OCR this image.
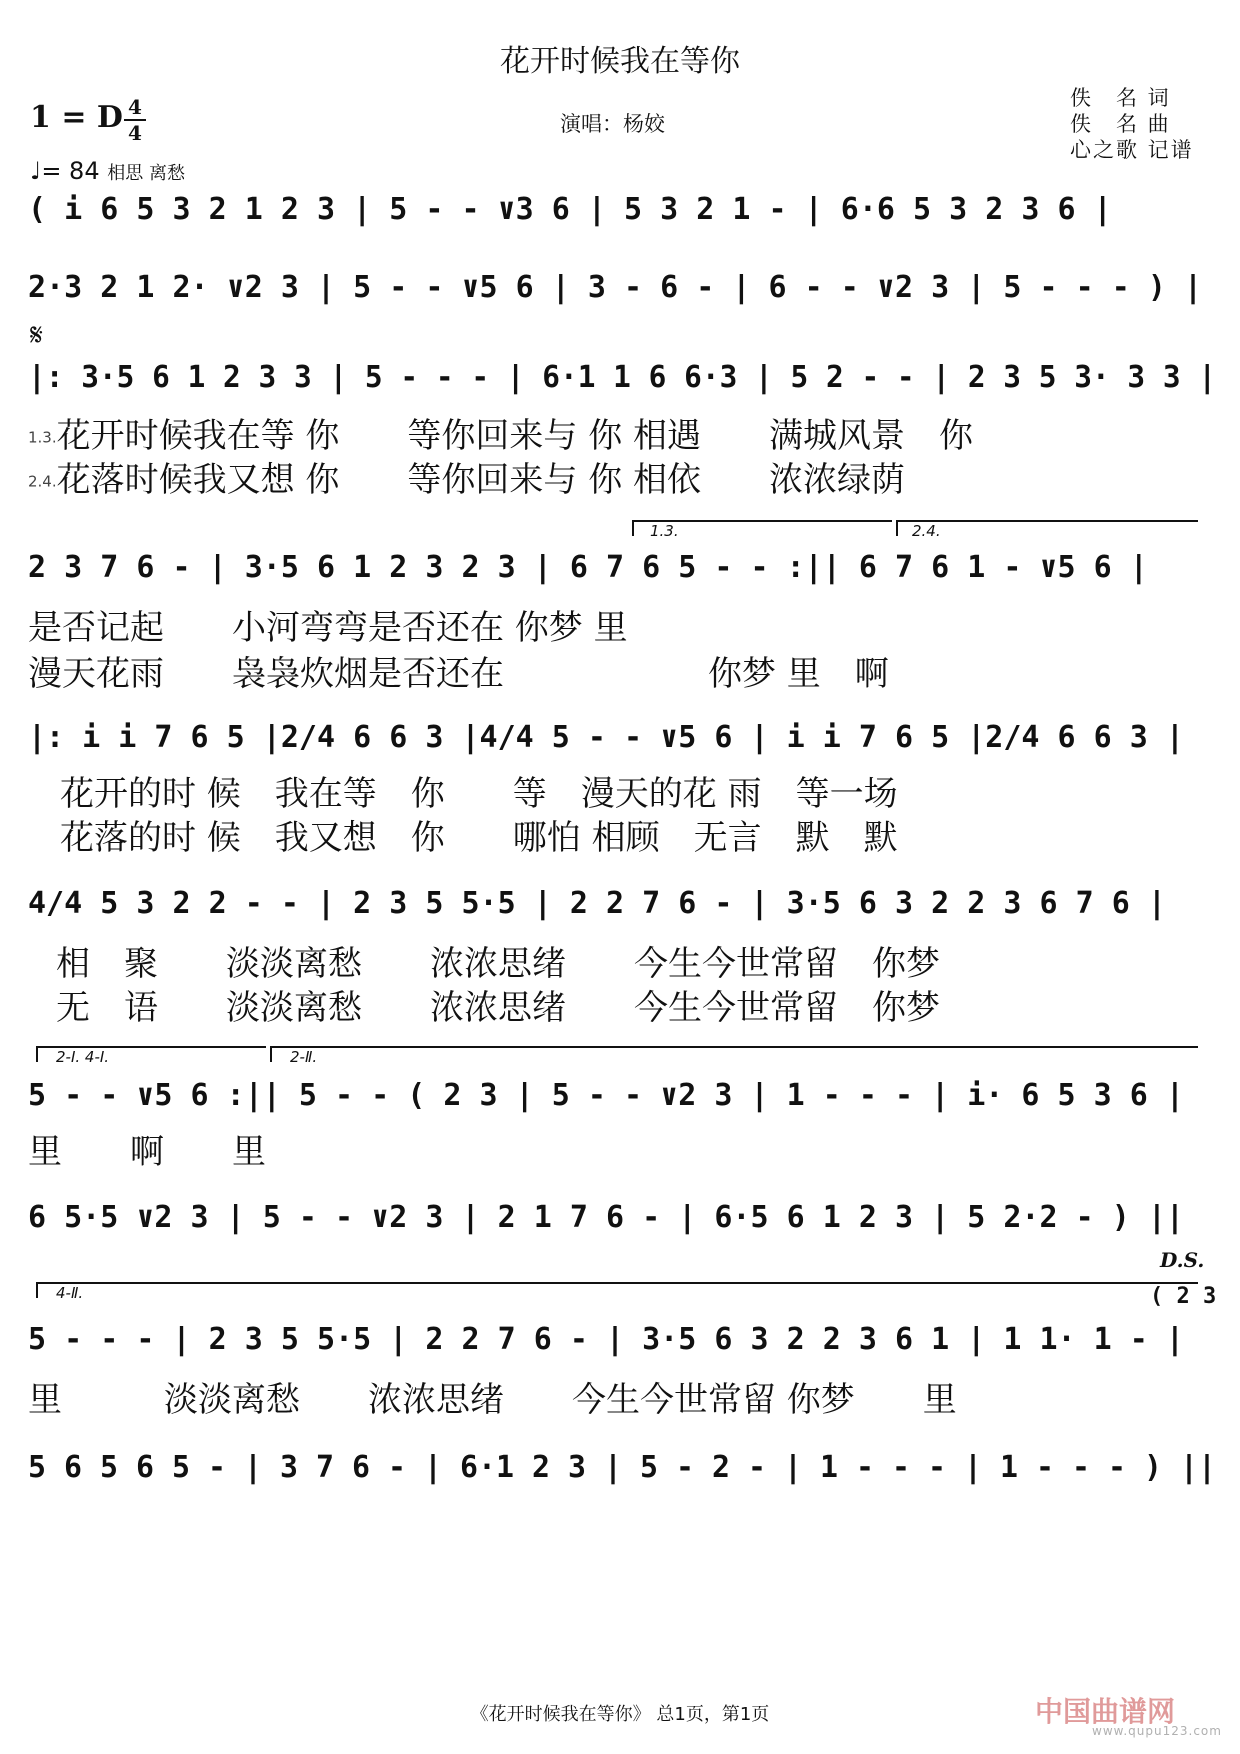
花开时候我在等你
1 = D 4
4
♩= 84 相思 离愁
演唱：杨姣
佚　名 词
佚　名 曲
心之歌 记谱
( i 6 5 3 2 1 2 3 | 5 - - ∨3 6 | 5 3 2 1 - | 6·6 5 3 2 3 6 |
2·3 2 1 2· ∨2 3 | 5 - - ∨5 6 | 3 - 6 - | 6 - - ∨2 3 | 5 - - - ) |
𝄋
|: 3·5 6 1 2 3 3 | 5 - - - | 6·1 1 6 6·3 | 5 2 - - | 2 3 5 3· 3 3 |
1.3.花开时候我在等 你　　等你回来与 你 相遇　　满城风景　你
2.4.花落时候我又想 你　　等你回来与 你 相依　　浓浓绿荫
1.3.	2.4.
2 3 7 6 - | 3·5 6 1 2 3 2 3 | 6 7 6 5 - - :|| 6 7 6 1 - ∨5 6 |
是否记起　　小河弯弯是否还在 你梦 里
漫天花雨　　袅袅炊烟是否还在　　　　　　你梦 里　啊
|: i i 7 6 5 |2/4 6 6 3 |4/4 5 - - ∨5 6 | i i 7 6 5 |2/4 6 6 3 |
花开的时 候　我在等　你　　等　漫天的花 雨　等一场
花落的时 候　我又想　你　　哪怕 相顾　无言　默　默
4/4 5 3 2 2 - - | 2 3 5 5·5 | 2 2 7 6 - | 3·5 6 3 2 2 3 6 7 6 |
相　聚　　淡淡离愁　　浓浓思绪　　今生今世常留　你梦
无　语　　淡淡离愁　　浓浓思绪　　今生今世常留　你梦
2-Ⅰ. 4-Ⅰ.	2-Ⅱ.
5 - - ∨5 6 :|| 5 - - ( 2 3 | 5 - - ∨2 3 | 1 - - - | i· 6 5 3 6 |
里　　啊　　里
6 5·5 ∨2 3 | 5 - - ∨2 3 | 2 1 7 6 - | 6·5 6 1 2 3 | 5 2·2 - ) ||
D.S.
4-Ⅱ.	( 2 3
5 - - - | 2 3 5 5·5 | 2 2 7 6 - | 3·5 6 3 2 2 3 6 1 | 1 1· 1 - |
里　　　淡淡离愁　　浓浓思绪　　今生今世常留 你梦　　里
5 6 5 6 5 - | 3 7 6 - | 6·1 2 3 | 5 - 2 - | 1 - - - | 1 - - - ) ||
《花开时候我在等你》 总1页，第1页	中国曲谱网
www.qupu123.com
